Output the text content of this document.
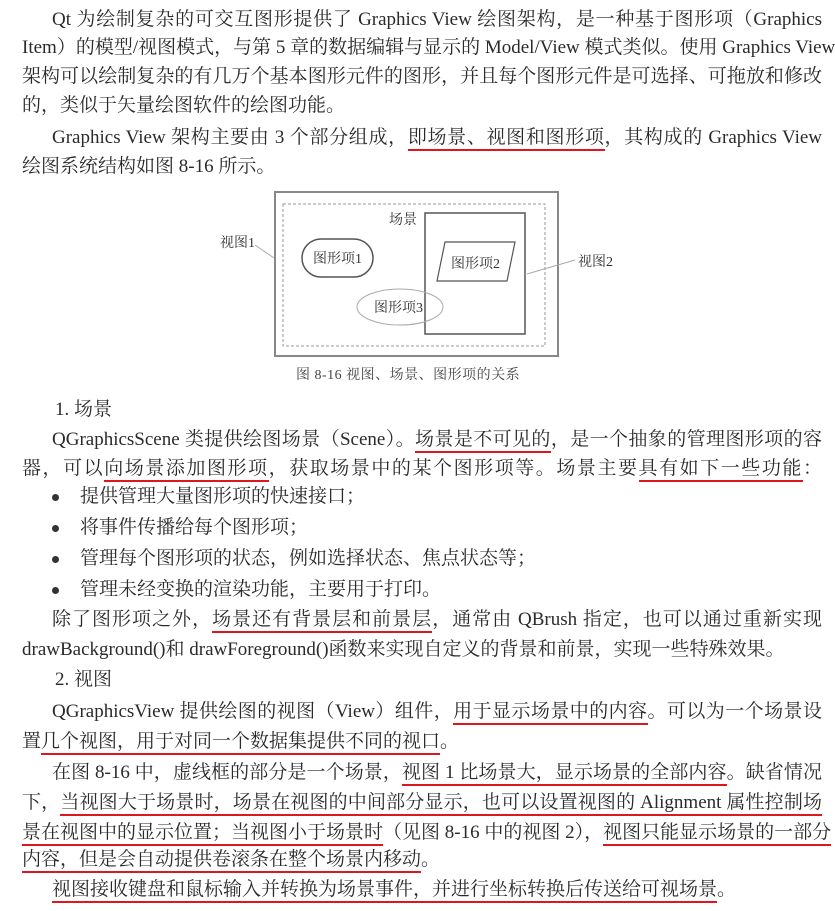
Qt 为绘制复杂的可交互图形提供了 Graphics View 绘图架构，是一种基于图形项（Graphics
Item）的模型/视图模式，与第 5 章的数据编辑与显示的 Model/View 模式类似。使用 Graphics View
架构可以绘制复杂的有几万个基本图形元件的图形，并且每个图形元件是可选择、可拖放和修改
的，类似于矢量绘图软件的绘图功能。
Graphics View 架构主要由 3 个部分组成，即场景、视图和图形项，其构成的 Graphics View
绘图系统结构如图 8-16 所示。
1. 场景
QGraphicsScene 类提供绘图场景（Scene）。场景是不可见的，是一个抽象的管理图形项的容
器，可以向场景添加图形项，获取场景中的某个图形项等。场景主要具有如下一些功能：
提供管理大量图形项的快速接口；
将事件传播给每个图形项；
管理每个图形项的状态，例如选择状态、焦点状态等；
管理未经变换的渲染功能，主要用于打印。
除了图形项之外，场景还有背景层和前景层，通常由 QBrush 指定，也可以通过重新实现
drawBackground()和 drawForeground()函数来实现自定义的背景和前景，实现一些特殊效果。
2. 视图
QGraphicsView 提供绘图的视图（View）组件，用于显示场景中的内容。可以为一个场景设
置几个视图，用于对同一个数据集提供不同的视口。
在图 8-16 中，虚线框的部分是一个场景，视图 1 比场景大，显示场景的全部内容。缺省情况
下，当视图大于场景时，场景在视图的中间部分显示，也可以设置视图的 Alignment 属性控制场
景在视图中的显示位置；当视图小于场景时（见图 8-16 中的视图 2），视图只能显示场景的一部分
内容，但是会自动提供卷滚条在整个场景内移动。
视图接收键盘和鼠标输入并转换为场景事件，并进行坐标转换后传送给可视场景。
场景
图形项1	图形项2
图形项3
视图1
视图2
图 8-16 视图、场景、图形项的关系
